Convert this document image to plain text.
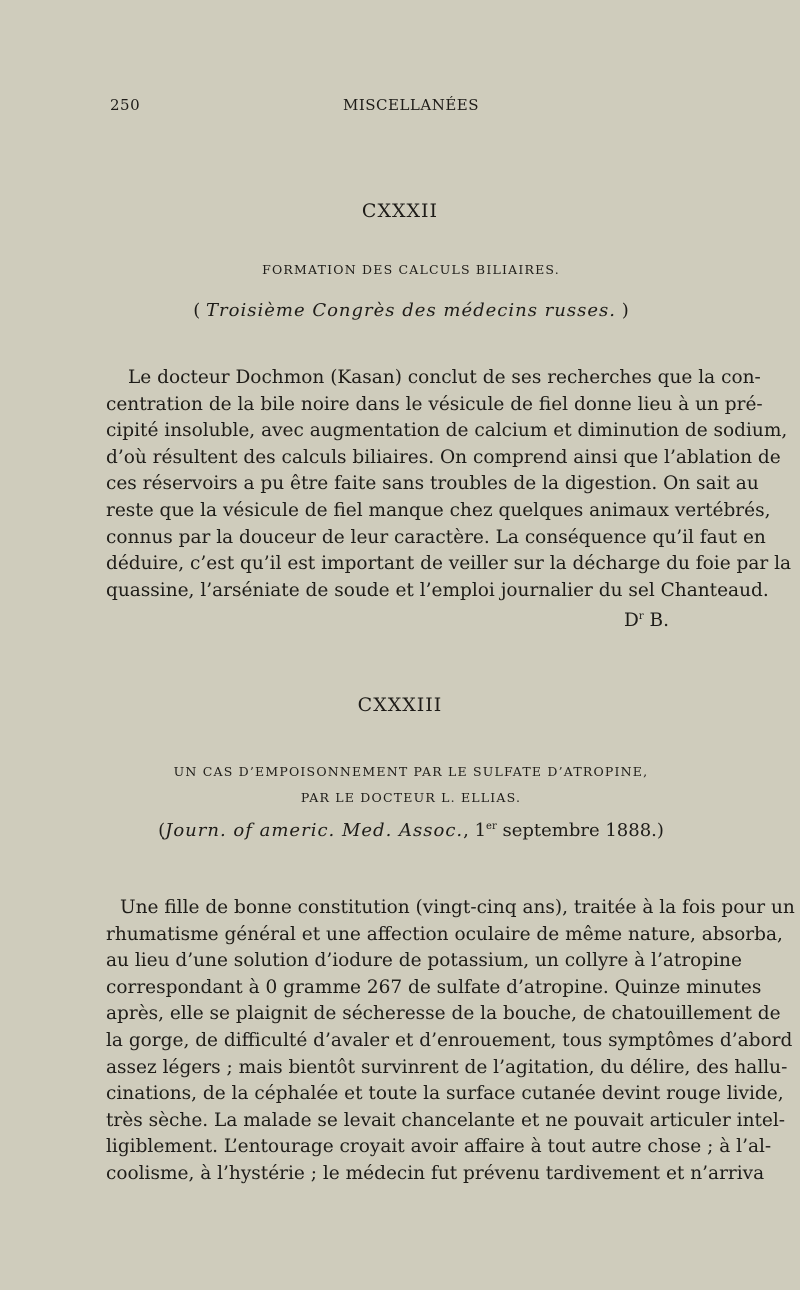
250	MISCELLANÉES
CXXXII
FORMATION DES CALCULS BILIAIRES.
( Troisième Congrès des médecins russes. )
Le docteur Dochmon (Kasan) conclut de ses recherches que la con-
centration de la bile noire dans le vésicule de fiel donne lieu à un pré-
cipité insoluble, avec augmentation de calcium et diminution de sodium,
d’où résultent des calculs biliaires. On comprend ainsi que l’ablation de
ces réservoirs a pu être faite sans troubles de la digestion. On sait au
reste que la vésicule de fiel manque chez quelques animaux vertébrés,
connus par la douceur de leur caractère. La conséquence qu’il faut en
déduire, c’est qu’il est important de veiller sur la décharge du foie par la
quassine, l’arséniate de soude et l’emploi journalier du sel Chanteaud.
$D^r$ B.
CXXXIII
UN CAS D’EMPOISONNEMENT PAR LE SULFATE D’ATROPINE,
PAR LE DOCTEUR L. ELLIAS.
(Journ. of americ. Med. Assoc., 1er septembre 1888.)
Une fille de bonne constitution (vingt-cinq ans), traitée à la fois pour un
rhumatisme général et une affection oculaire de même nature, absorba,
au lieu d’une solution d’iodure de potassium, un collyre à l’atropine
correspondant à 0 gramme 267 de sulfate d’atropine. Quinze minutes
après, elle se plaignit de sécheresse de la bouche, de chatouillement de
la gorge, de difficulté d’avaler et d’enrouement, tous symptômes d’abord
assez légers ; mais bientôt survinrent de l’agitation, du délire, des hallu-
cinations, de la céphalée et toute la surface cutanée devint rouge livide,
très sèche. La malade se levait chancelante et ne pouvait articuler intel-
ligiblement. L’entourage croyait avoir affaire à tout autre chose ; à l’al-
coolisme, à l’hystérie ; le médecin fut prévenu tardivement et n’arriva
